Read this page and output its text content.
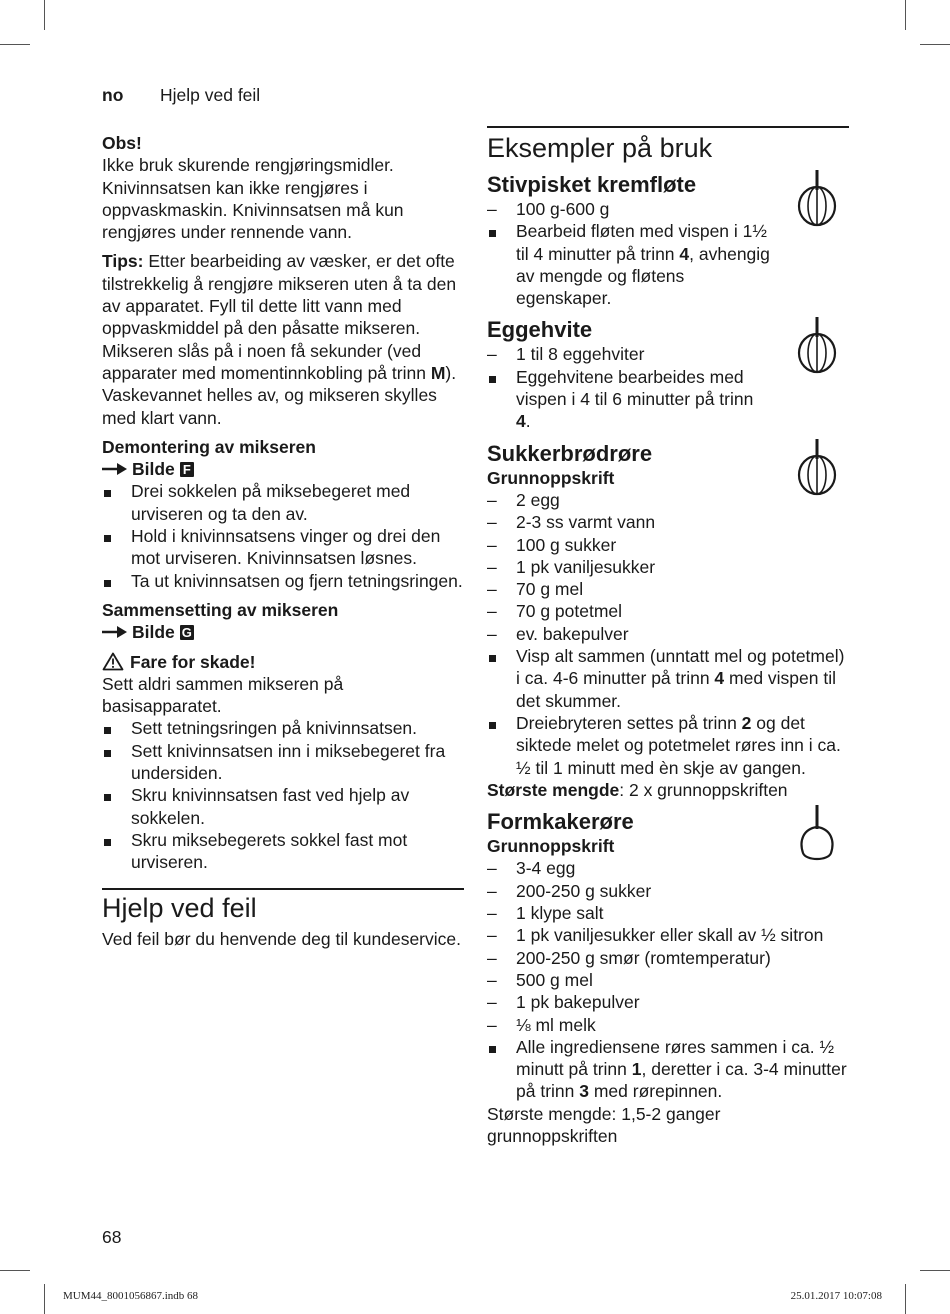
no Hjelp ved feil

Obs!

Ikke bruk skurende rengjøringsmidler. Knivinnsatsen kan ikke rengjøres i oppvaskmaskin. Knivinnsatsen må kun rengjøres under rennende vann.

Tips: Etter bearbeiding av væsker, er det ofte tilstrekkelig å rengjøre mikseren uten å ta den av apparatet. Fyll til dette litt vann med oppvaskmiddel på den påsatte mikseren. Mikseren slås på i noen få sekunder (ved apparater med momentinnkobling på trinn M). Vaskevannet helles av, og mikseren skylles med klart vann.

Demontering av mikseren

Bilde F
Drei sokkelen på miksebegeret med urviseren og ta den av.
Hold i knivinnsatsens vinger og drei den mot urviseren. Knivinnsatsen løsnes.
Ta ut knivinnsatsen og fjern tetningsringen.

Sammensetting av mikseren

Bilde G
Fare for skade!

Sett aldri sammen mikseren på basisapparatet.

Sett tetningsringen på knivinnsatsen.
Sett knivinnsatsen inn i miksebegeret fra undersiden.
Skru knivinnsatsen fast ved hjelp av sokkelen.
Skru miksebegerets sokkel fast mot urviseren.
Hjelp ved feil

Ved feil bør du henvende deg til kundeservice.

Eksempler på bruk
Stivpisket kremfløte
– 100 g-600 g
Bearbeid fløten med vispen i 1½ til 4 minutter på trinn 4, avhengig av mengde og fløtens egenskaper.
Eggehvite
– 1 til 8 eggehviter
Eggehvitene bearbeides med vispen i 4 til 6 minutter på trinn 4.
Sukkerbrødrøre

Grunnoppskrift

– 2 egg
– 2-3 ss varmt vann
– 100 g sukker
– 1 pk vaniljesukker
– 70 g mel
– 70 g potetmel
– ev. bakepulver
Visp alt sammen (unntatt mel og potetmel) i ca. 4-6 minutter på trinn 4 med vispen til det skummer.
Dreiebryteren settes på trinn 2 og det siktede melet og potetmelet røres inn i ca. ½ til 1 minutt med èn skje av gangen.

Største mengde: 2 x grunnoppskriften

Formkakerøre

Grunnoppskrift

– 3-4 egg
– 200-250 g sukker
– 1 klype salt
– 1 pk vaniljesukker eller skall av ½ sitron
– 200-250 g smør (romtemperatur)
– 500 g mel
– 1 pk bakepulver
– ⅛ ml melk
Alle ingrediensene røres sammen i ca. ½ minutt på trinn 1, deretter i ca. 3-4 minutter på trinn 3 med rørepinnen.

Største mengde: 1,5-2 ganger grunnoppskriften

68
MUM44_8001056867.indb 68	25.01.2017 10:07:08
